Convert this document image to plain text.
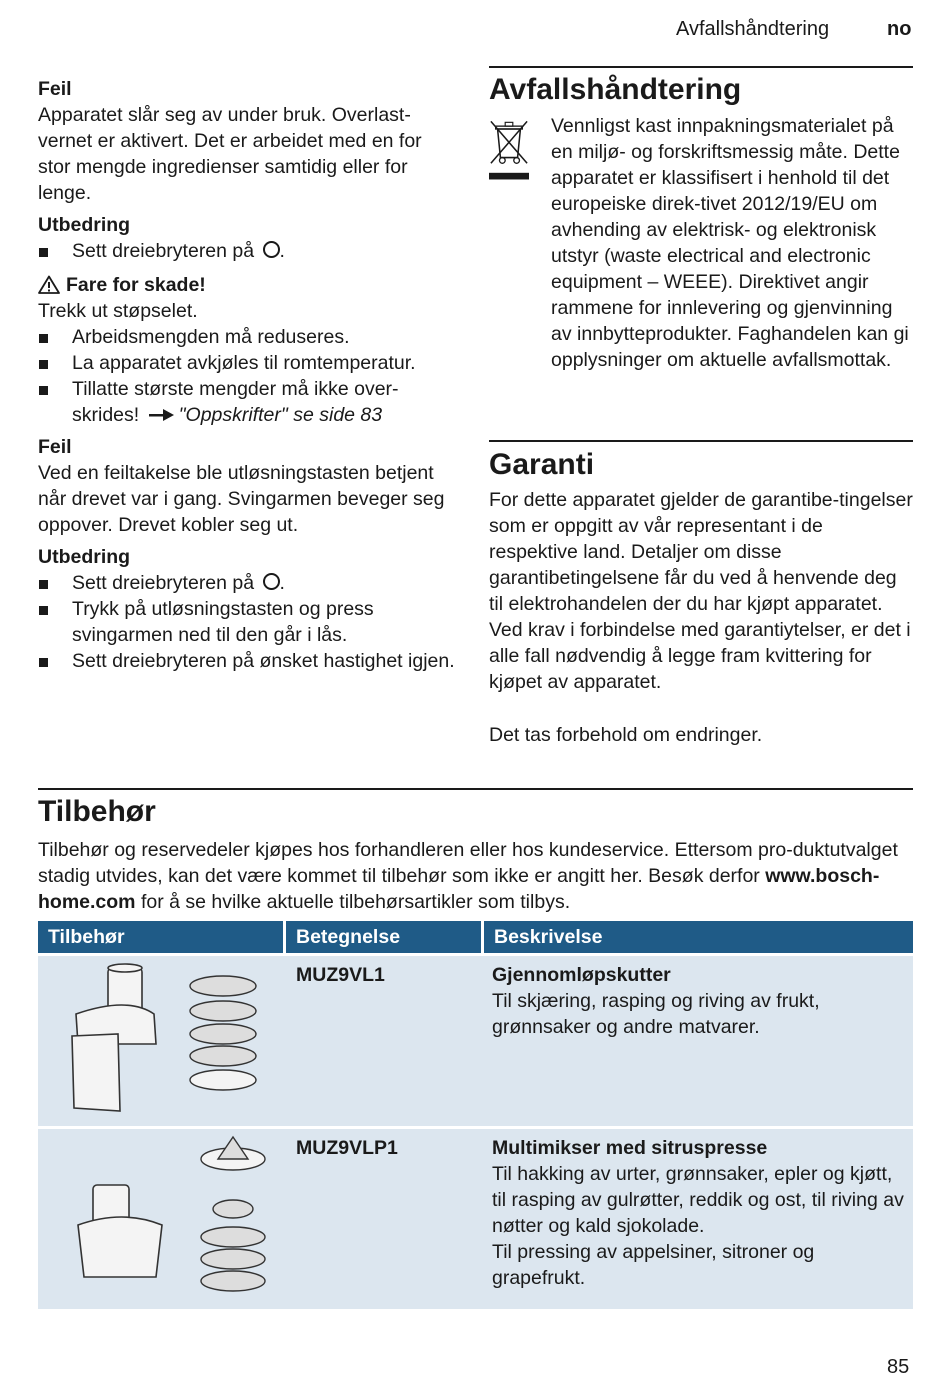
Avfallshåndtering	no
Feil

Apparatet slår seg av under bruk. Overlast-vernet er aktivert. Det er arbeidet med en for stor mengde ingredienser samtidig eller for lenge.

Utbedring
Sett dreiebryteren på .
Fare for skade!

Trekk ut støpselet.

Arbeidsmengden må reduseres.
La apparatet avkjøles til romtemperatur.
Tillatte største mengder må ikke over-skrides! "Oppskrifter" se side 83
Feil

Ved en feiltakelse ble utløsningstasten betjent når drevet var i gang. Svingarmen beveger seg oppover. Drevet kobler seg ut.

Utbedring
Sett dreiebryteren på .
Trykk på utløsningstasten og press svingarmen ned til den går i lås.
Sett dreiebryteren på ønsket hastighet igjen.
Avfallshåndtering
Vennligst kast innpakningsmaterialet på en miljø- og forskriftsmessig måte. Dette apparatet er klassifisert i henhold til det europeiske direk-tivet 2012/19/EU om avhending av elektrisk- og elektronisk utstyr (waste electrical and electronic equipment – WEEE). Direktivet angir rammene for innlevering og gjenvinning av innbytteprodukter. Faghandelen kan gi opplysninger om aktuelle avfallsmottak.
Garanti
For dette apparatet gjelder de garantibe-tingelser som er oppgitt av vår representant i de respektive land. Detaljer om disse garantibetingelsene får du ved å henvende deg til elektrohandelen der du har kjøpt apparatet. Ved krav i forbindelse med garantiytelser, er det i alle fall nødvendig å legge fram kvittering for kjøpet av apparatet.
Det tas forbehold om endringer.
Tilbehør
Tilbehør og reservedeler kjøpes hos forhandleren eller hos kundeservice. Ettersom pro-duktutvalget stadig utvides, kan det være kommet til tilbehør som ikke er angitt her. Besøk derfor www.bosch-home.com for å se hvilke aktuelle tilbehørsartikler som tilbys.
Tilbehør	Betegnelse	Beskrivelse
MUZ9VL1	Gjennomløpskutter
Til skjæring, rasping og riving av frukt, grønnsaker og andre matvarer.
MUZ9VLP1	Multimikser med sitruspresse
Til hakking av urter, grønnsaker, epler og kjøtt, til rasping av gulrøtter, reddik og ost, til riving av nøtter og kald sjokolade.
Til pressing av appelsiner, sitroner og grapefrukt.
85
